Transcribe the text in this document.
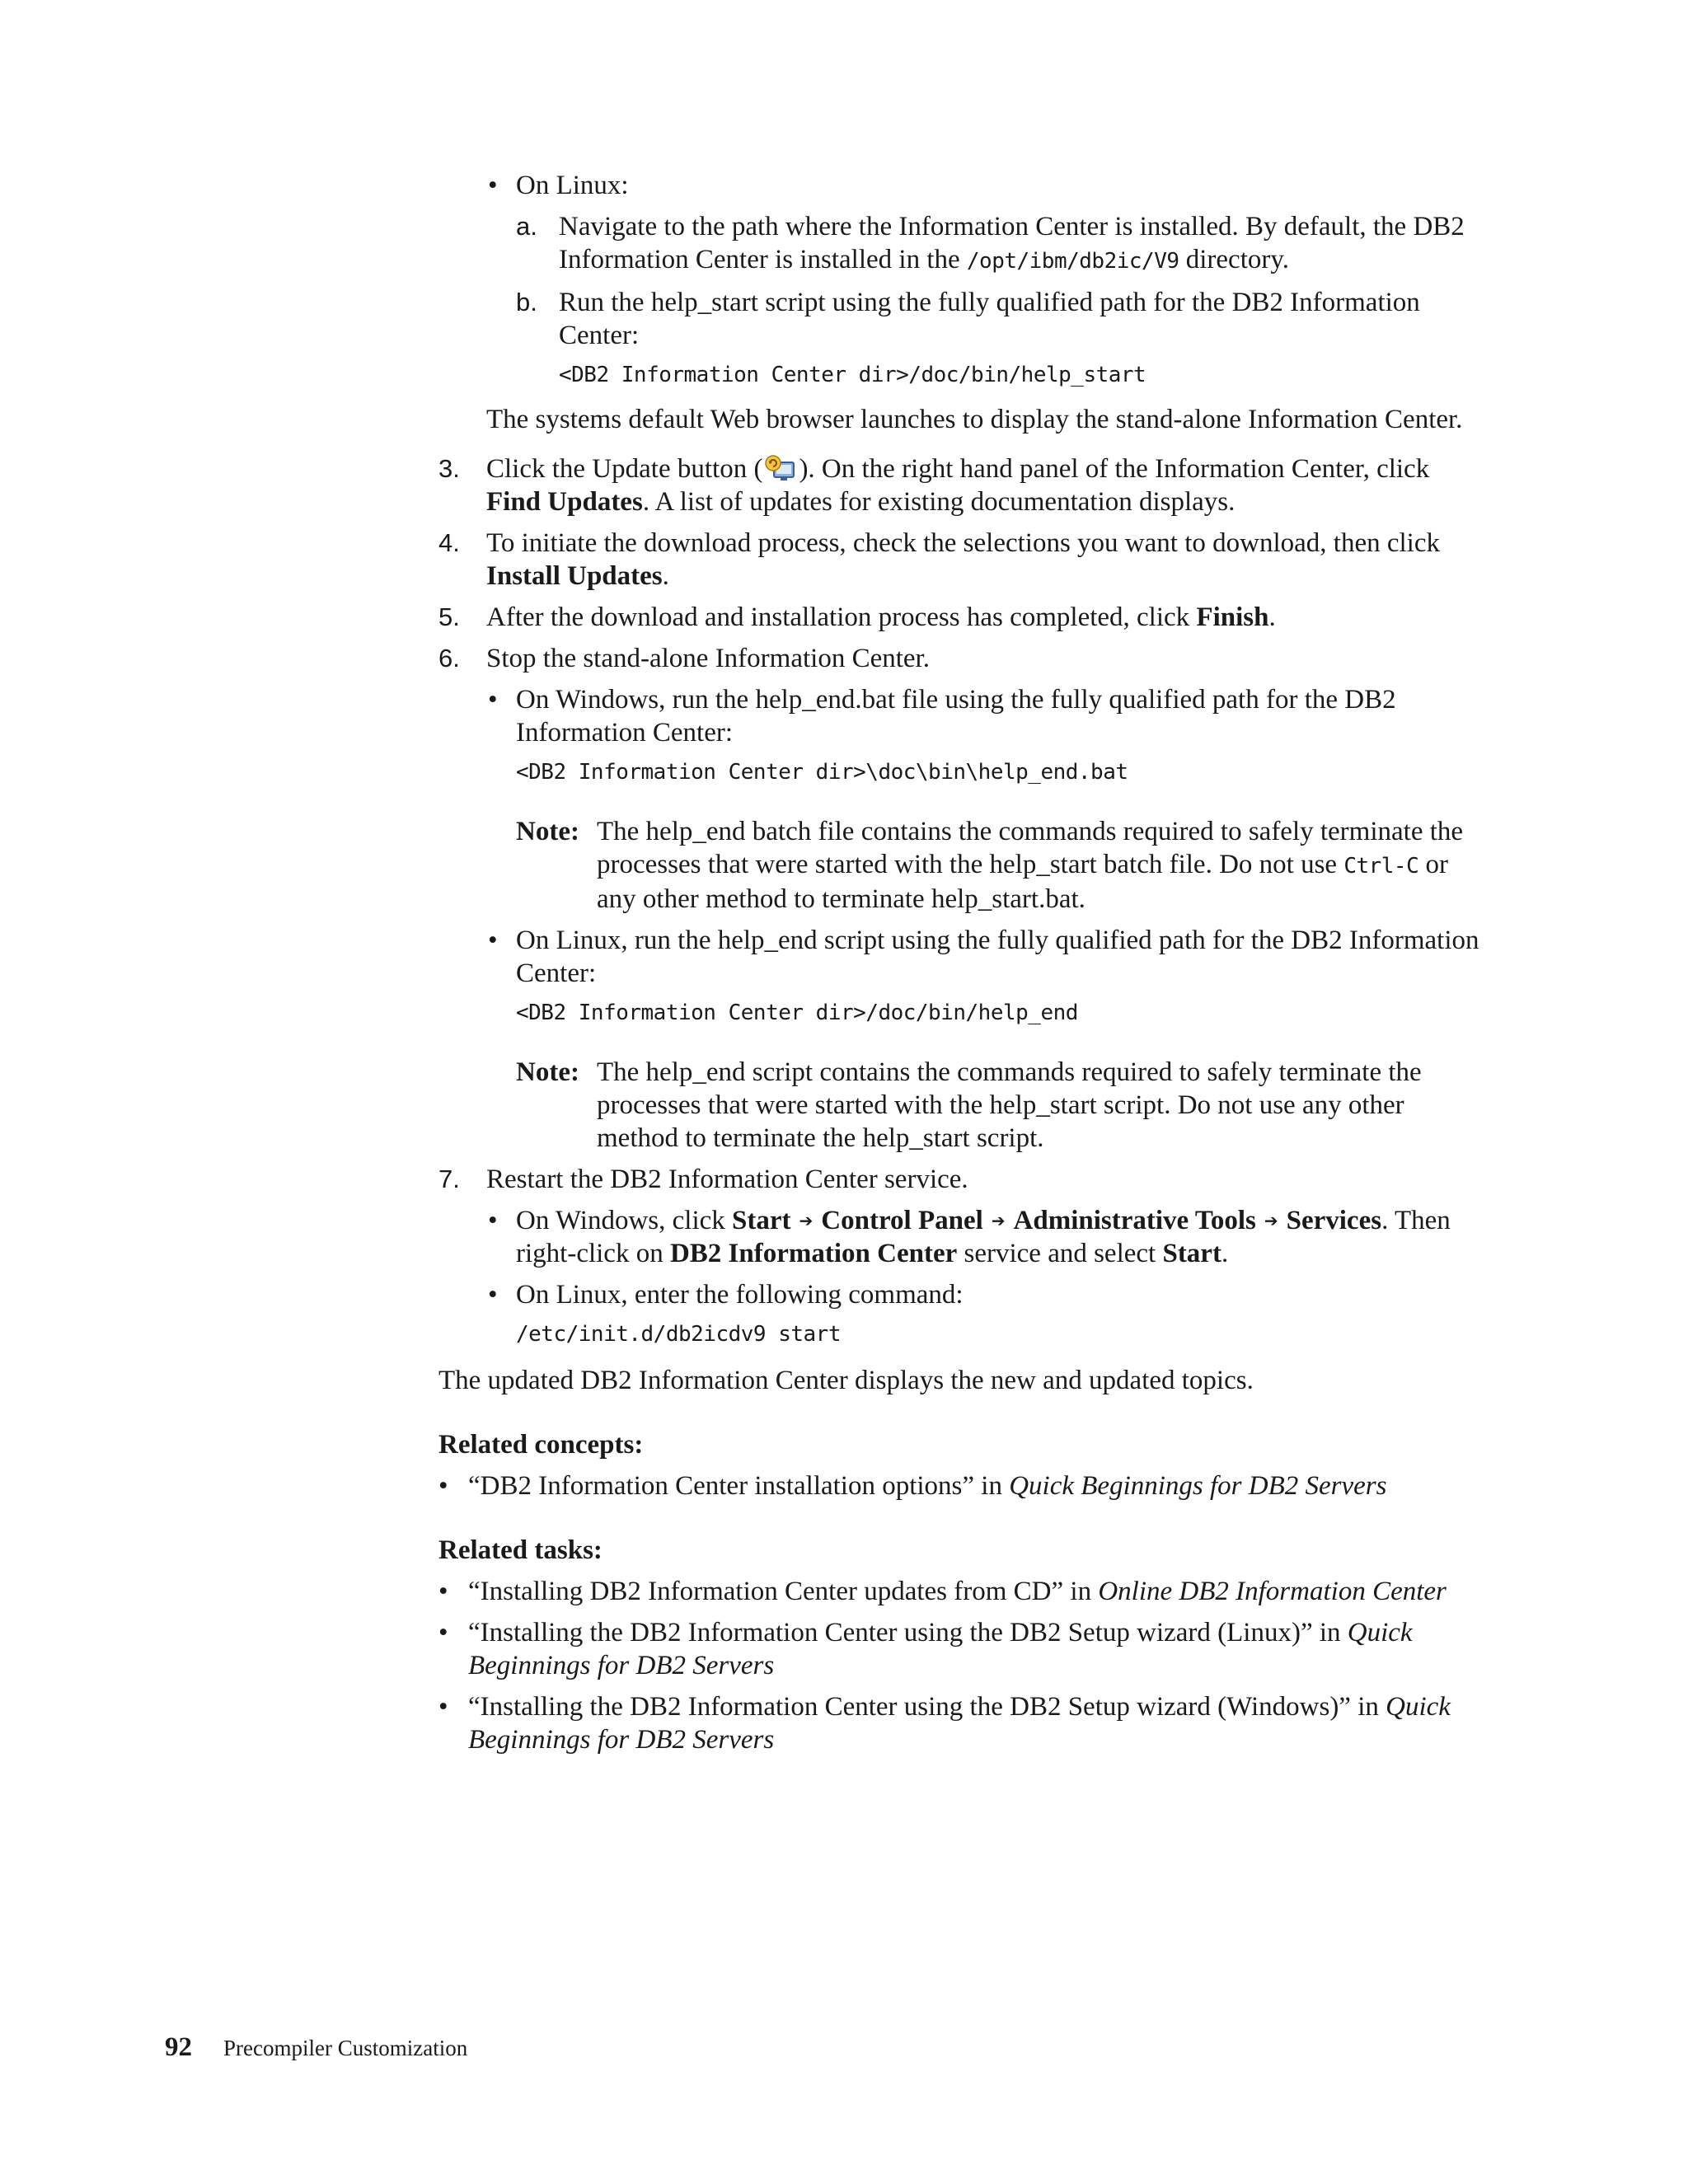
• On Linux:
a. Navigate to the path where the Information Center is installed. By default, the DB2 Information Center is installed in the /opt/ibm/db2ic/V9 directory.
b. Run the help_start script using the fully qualified path for the DB2 Information Center:
<DB2 Information Center dir>/doc/bin/help_start
The systems default Web browser launches to display the stand-alone Information Center.
3. Click the Update button ( ). On the right hand panel of the Information Center, click Find Updates. A list of updates for existing documentation displays.
4. To initiate the download process, check the selections you want to download, then click Install Updates.
5. After the download and installation process has completed, click Finish.
6. Stop the stand-alone Information Center.
• On Windows, run the help_end.bat file using the fully qualified path for the DB2 Information Center:
<DB2 Information Center dir>\doc\bin\help_end.bat
Note: The help_end batch file contains the commands required to safely terminate the processes that were started with the help_start batch file. Do not use Ctrl-C or any other method to terminate help_start.bat.
• On Linux, run the help_end script using the fully qualified path for the DB2 Information Center:
<DB2 Information Center dir>/doc/bin/help_end
Note: The help_end script contains the commands required to safely terminate the processes that were started with the help_start script. Do not use any other method to terminate the help_start script.
7. Restart the DB2 Information Center service.
• On Windows, click Start ➔ Control Panel ➔ Administrative Tools ➔ Services. Then right-click on DB2 Information Center service and select Start.
• On Linux, enter the following command:
/etc/init.d/db2icdv9 start
The updated DB2 Information Center displays the new and updated topics.
Related concepts:
• “DB2 Information Center installation options” in Quick Beginnings for DB2 Servers
Related tasks:
• “Installing DB2 Information Center updates from CD” in Online DB2 Information Center
• “Installing the DB2 Information Center using the DB2 Setup wizard (Linux)” in Quick Beginnings for DB2 Servers
• “Installing the DB2 Information Center using the DB2 Setup wizard (Windows)” in Quick Beginnings for DB2 Servers
92 Precompiler Customization
